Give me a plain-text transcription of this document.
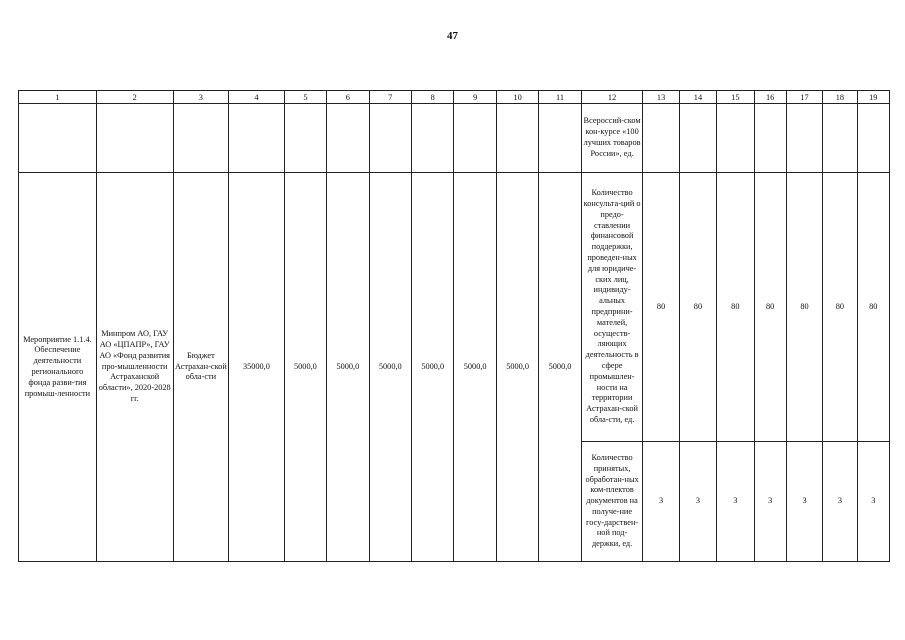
47
1	2	3	4	5	6	7	8	9	10	11	12	13	14	15	16	17	18	19
											Всероссий-ском кон-курсе «100 лучших товаров России», ед.							
Мероприятие 1.1.4. Обеспечение деятельности регионального фонда разви-тия промыш-ленности	Минпром АО, ГАУ АО «ЦПАПР», ГАУ АО «Фонд развития про-мышленности Астраханской области», 2020-2028 гг.	Бюджет Астрахан-ской обла-сти	35000,0	5000,0	5000,0	5000,0	5000,0	5000,0	5000,0	5000,0	Количество консульта-ций о предо-ставлении финансовой поддержки, проведен-ных для юридиче-ских лиц, индивиду-альных предприни-мателей, осуществ-ляющих деятельность в сфере промышлен-ности на территории Астрахан-ской обла-сти, ед.	80	80	80	80	80	80	80
											Количество принятых, обработан-ных ком-плектов документов на получе-ние госу-дарствен-ной под-держки, ед.	3	3	3	3	3	3	3
